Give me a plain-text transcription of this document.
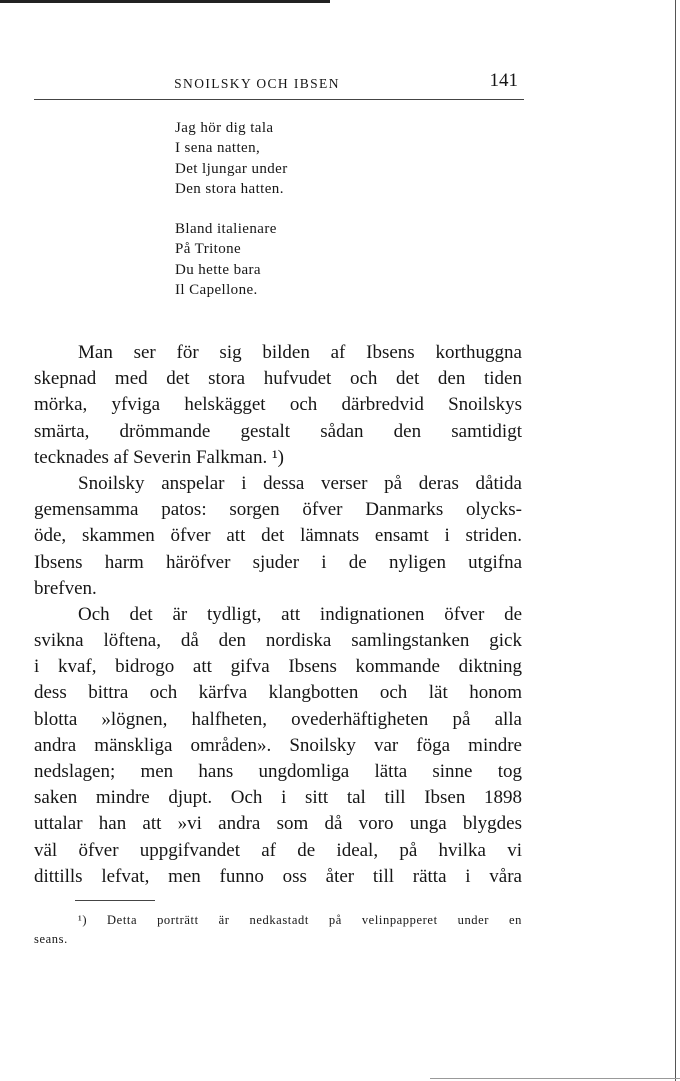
SNOILSKY OCH IBSEN	141
Jag hör dig tala
I sena natten,
Det ljungar under
Den stora hatten.
Bland italienare
På Tritone
Du hette bara
Il Capellone.
Man ser för sig bilden af Ibsens korthuggna
skepnad med det stora hufvudet och det den tiden
mörka, yfviga helskägget och därbredvid Snoilskys
smärta, drömmande gestalt sådan den samtidigt
tecknades af Severin Falkman. ¹)
Snoilsky anspelar i dessa verser på deras dåtida
gemensamma patos: sorgen öfver Danmarks olycks-
öde, skammen öfver att det lämnats ensamt i striden.
Ibsens harm häröfver sjuder i de nyligen utgifna
brefven.
Och det är tydligt, att indignationen öfver de
svikna löftena, då den nordiska samlingstanken gick
i kvaf, bidrogo att gifva Ibsens kommande diktning
dess bittra och kärfva klangbotten och lät honom
blotta »lögnen, halfheten, ovederhäftigheten på alla
andra mänskliga områden». Snoilsky var föga mindre
nedslagen; men hans ungdomliga lätta sinne tog
saken mindre djupt. Och i sitt tal till Ibsen 1898
uttalar han att »vi andra som då voro unga blygdes
väl öfver uppgifvandet af de ideal, på hvilka vi
dittills lefvat, men funno oss åter till rätta i våra
¹) Detta porträtt är nedkastadt på velinpapperet under en
seans.
